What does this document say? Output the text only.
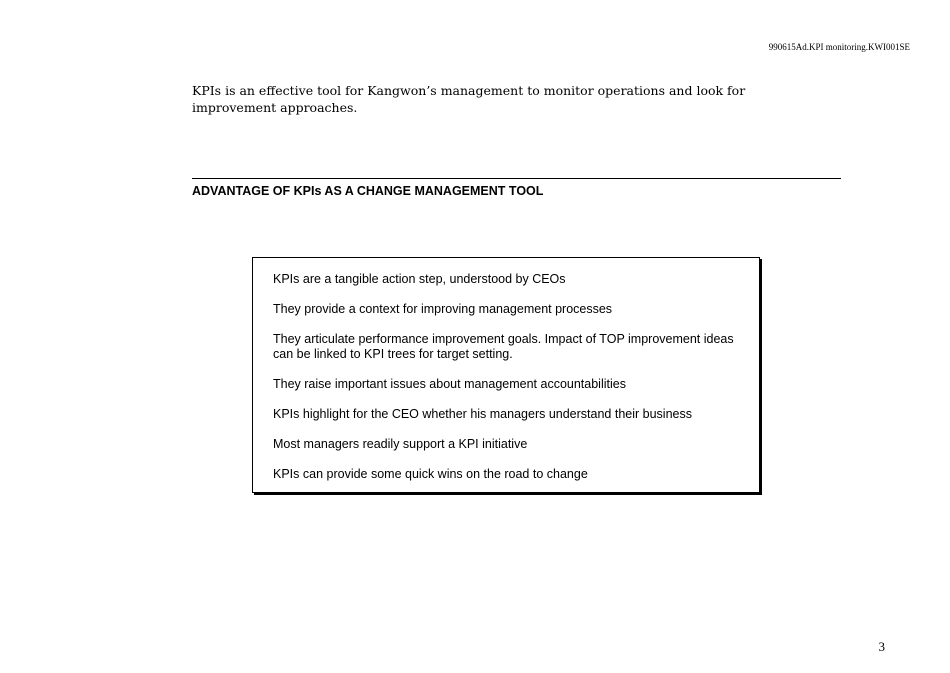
990615Ad.KPI monitoring.KWI001SE
KPIs is an effective tool for Kangwon’s management to monitor operations and look for improvement approaches.
ADVANTAGE OF KPIs AS A CHANGE MANAGEMENT TOOL

KPIs are a tangible action step, understood by CEOs

They provide a context for improving management processes

They articulate performance improvement goals. Impact of TOP improvement ideas can be linked to KPI trees for target setting.

They raise important issues about management accountabilities

KPIs highlight for the CEO whether his managers understand their business

Most managers readily support a KPI initiative

KPIs can provide some quick wins on the road to change

3
